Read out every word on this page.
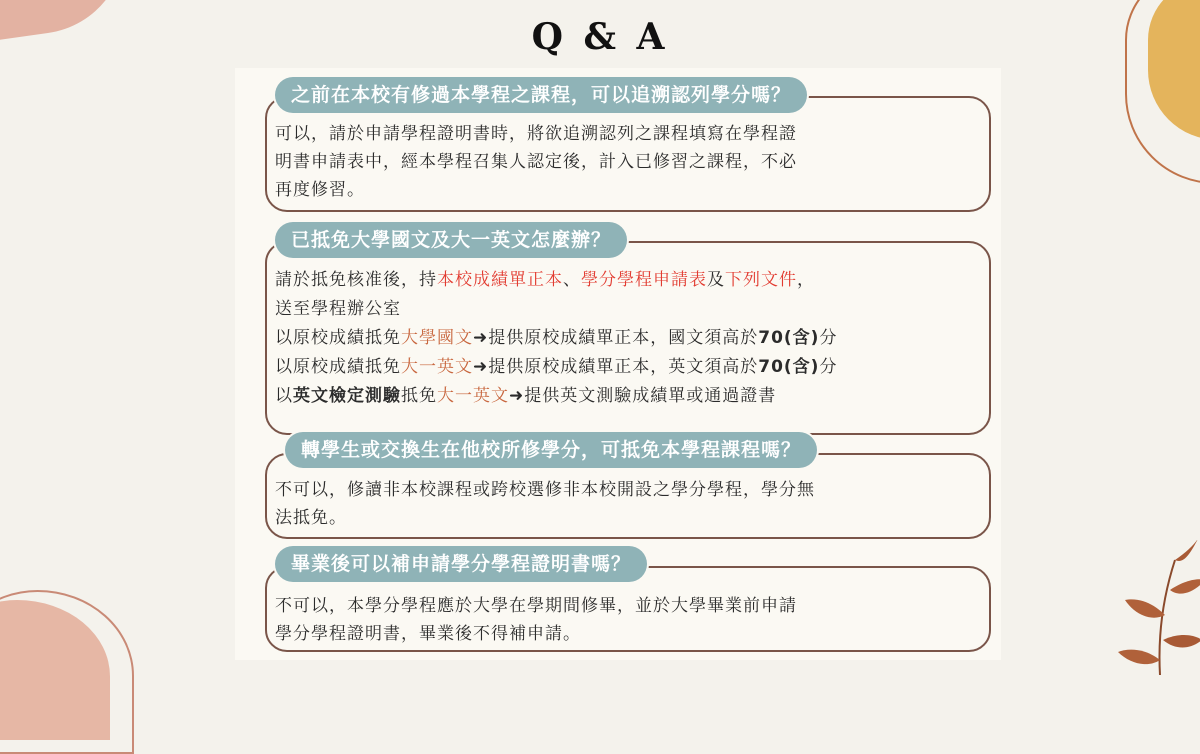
Q & A
之前在本校有修過本學程之課程，可以追溯認列學分嗎？
可以，請於申請學程證明書時，將欲追溯認列之課程填寫在學程證
明書申請表中，經本學程召集人認定後，計入已修習之課程，不必
再度修習。
已抵免大學國文及大一英文怎麼辦？
請於抵免核准後，持本校成績單正本、學分學程申請表及下列文件，
送至學程辦公室
以原校成績抵免大學國文➜提供原校成績單正本，國文須高於70(含)分
以原校成績抵免大一英文➜提供原校成績單正本，英文須高於70(含)分
以英文檢定測驗抵免大一英文➜提供英文測驗成績單或通過證書
轉學生或交換生在他校所修學分，可抵免本學程課程嗎？
不可以，修讀非本校課程或跨校選修非本校開設之學分學程，學分無
法抵免。
畢業後可以補申請學分學程證明書嗎？
不可以，本學分學程應於大學在學期間修畢，並於大學畢業前申請
學分學程證明書，畢業後不得補申請。
